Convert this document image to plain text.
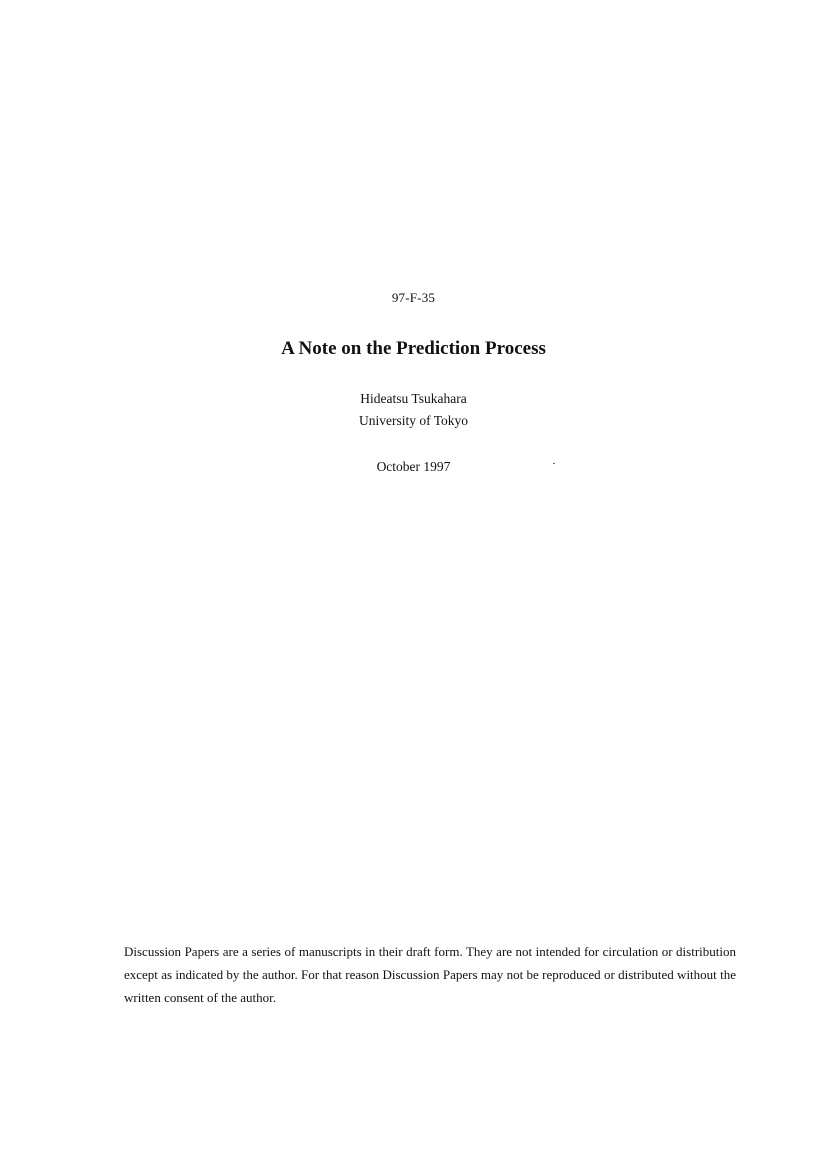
97-F-35
A Note on the Prediction Process
Hideatsu Tsukahara
University of Tokyo
October 1997
Discussion Papers are a series of manuscripts in their draft form. They are not intended for circulation or distribution except as indicated by the author. For that reason Discussion Papers may not be reproduced or distributed without the written consent of the author.
